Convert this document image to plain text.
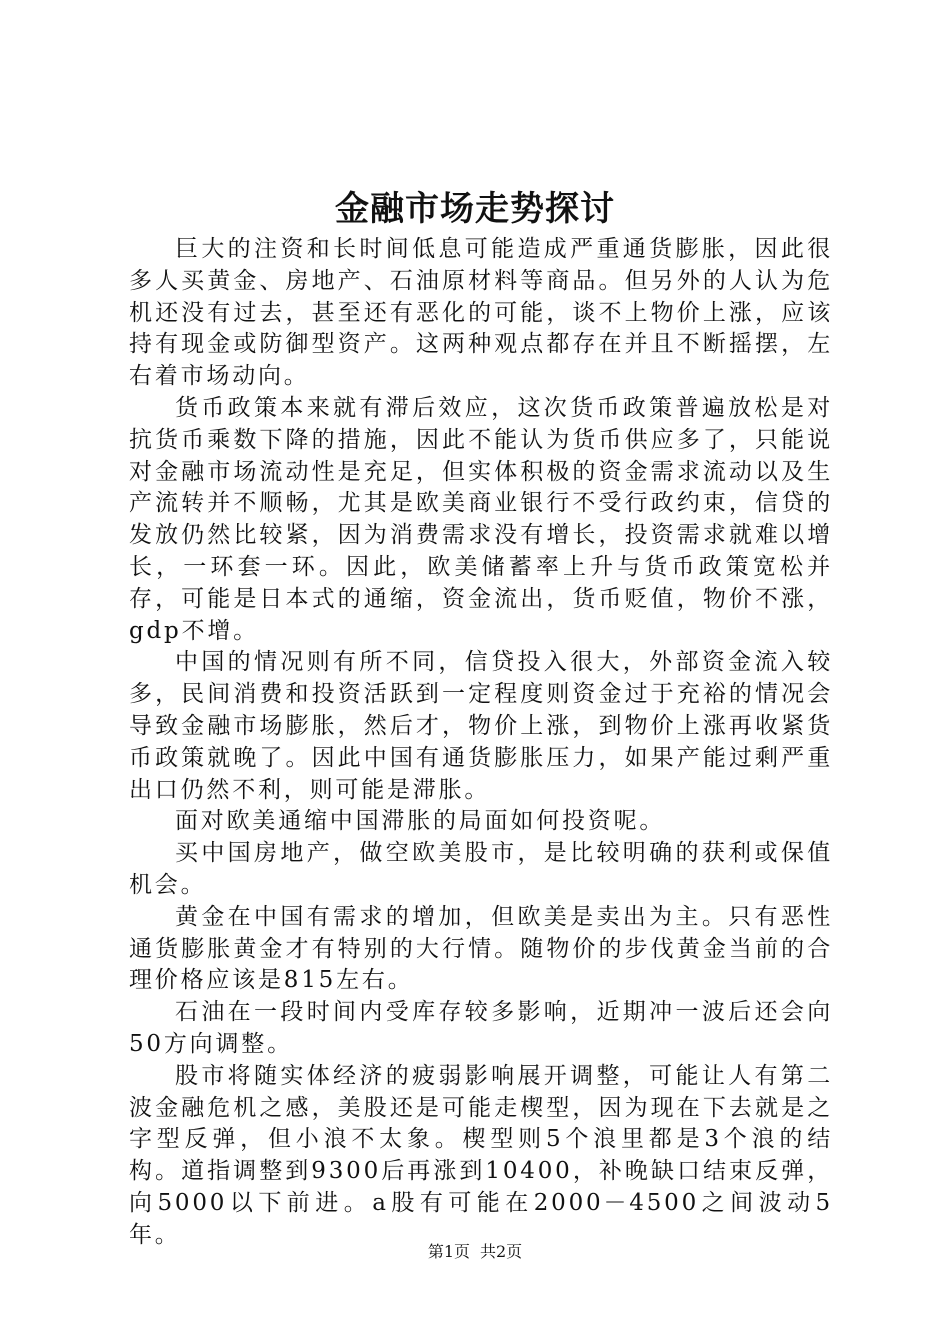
金融市场走势探讨

巨大的注资和长时间低息可能造成严重通货膨胀，因此很多人买黄金、房地产、石油原材料等商品。但另外的人认为危机还没有过去，甚至还有恶化的可能，谈不上物价上涨，应该持有现金或防御型资产。这两种观点都存在并且不断摇摆，左右着市场动向。

货币政策本来就有滞后效应，这次货币政策普遍放松是对抗货币乘数下降的措施，因此不能认为货币供应多了，只能说对金融市场流动性是充足，但实体积极的资金需求流动以及生产流转并不顺畅，尤其是欧美商业银行不受行政约束，信贷的发放仍然比较紧，因为消费需求没有增长，投资需求就难以增长，一环套一环。因此，欧美储蓄率上升与货币政策宽松并存，可能是日本式的通缩，资金流出，货币贬值，物价不涨，gdp不增。

中国的情况则有所不同，信贷投入很大，外部资金流入较多，民间消费和投资活跃到一定程度则资金过于充裕的情况会导致金融市场膨胀，然后才，物价上涨，到物价上涨再收紧货币政策就晚了。因此中国有通货膨胀压力，如果产能过剩严重出口仍然不利，则可能是滞胀。

面对欧美通缩中国滞胀的局面如何投资呢。

买中国房地产，做空欧美股市，是比较明确的获利或保值机会。

黄金在中国有需求的增加，但欧美是卖出为主。只有恶性通货膨胀黄金才有特别的大行情。随物价的步伐黄金当前的合理价格应该是815左右。

石油在一段时间内受库存较多影响，近期冲一波后还会向50方向调整。

股市将随实体经济的疲弱影响展开调整，可能让人有第二波金融危机之感，美股还是可能走楔型，因为现在下去就是之字型反弹，但小浪不太象。楔型则5个浪里都是3个浪的结构。道指调整到9300后再涨到10400，补晚缺口结束反弹，向5000以下前进。a股有可能在2000－4500之间波动5年。

第1页 共2页
